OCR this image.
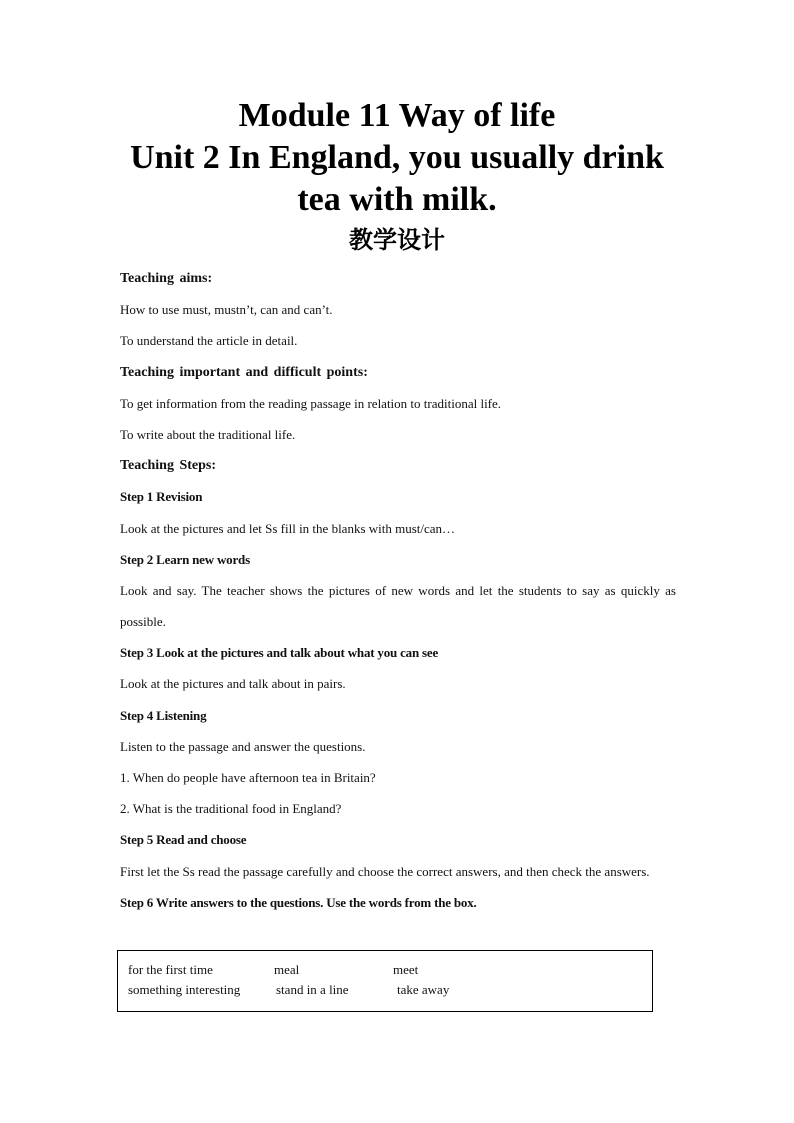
Module 11 Way of life
Unit 2 In England, you usually drink
tea with milk.
教学设计
Teaching aims:
How to use must, mustn’t, can and can’t.
To understand the article in detail.
Teaching important and difficult points:
To get information from the reading passage in relation to traditional life.
To write about the traditional life.
Teaching Steps:
Step 1 Revision
Look at the pictures and let Ss fill in the blanks with must/can…
Step 2 Learn new words
Look and say. The teacher shows the pictures of new words and let the students to say as quickly as possible.
Step 3 Look at the pictures and talk about what you can see
Look at the pictures and talk about in pairs.
Step 4 Listening
Listen to the passage and answer the questions.
1. When do people have afternoon tea in Britain?
2. What is the traditional food in England?
Step 5 Read and choose
First let the Ss read the passage carefully and choose the correct answers, and then check the answers.
Step 6 Write answers to the questions. Use the words from the box.
for the first time	meal	meet
something interesting	stand in a line	take away
